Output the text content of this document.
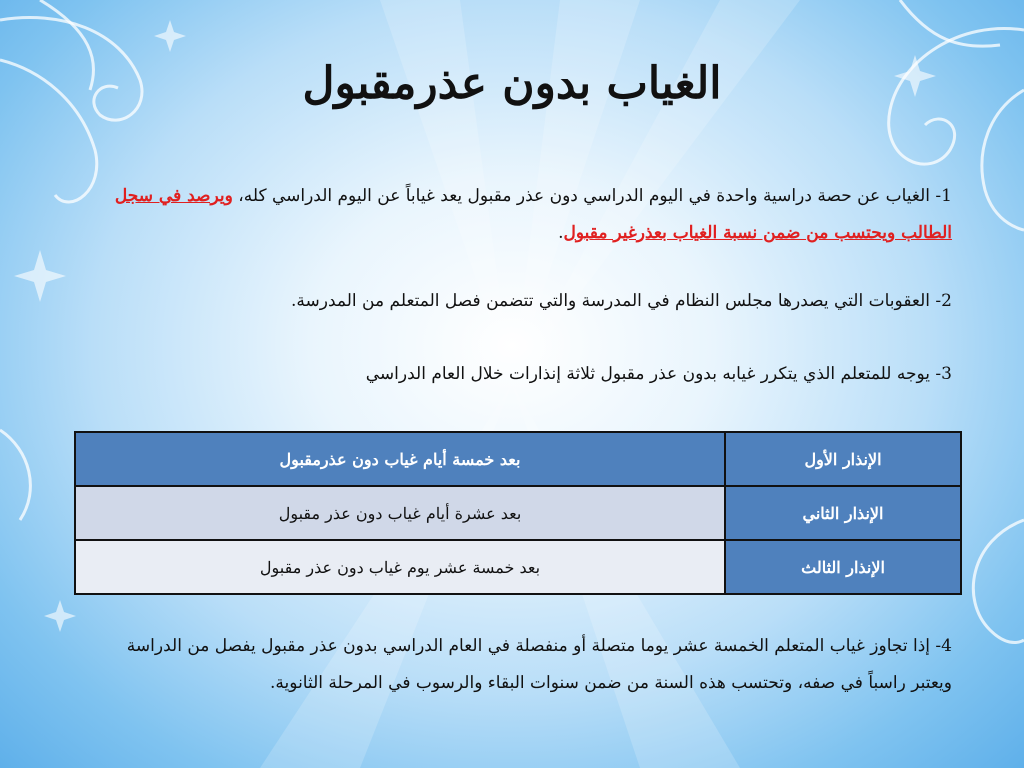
الغياب بدون عذرمقبول
1- الغياب عن حصة دراسية واحدة في اليوم الدراسي دون عذر مقبول يعد غياباً عن اليوم الدراسي كله، ويرصد في سجل الطالب ويحتسب من ضمن نسبة الغياب بعذرغير مقبول.
2- العقوبات التي يصدرها مجلس النظام في المدرسة والتي تتضمن فصل المتعلم من المدرسة.
3- يوجه للمتعلم الذي يتكرر غيابه بدون عذر مقبول ثلاثة إنذارات خلال العام الدراسي
الإنذار الأول	بعد خمسة أيام غياب دون عذرمقبول
الإنذار الثاني	بعد عشرة أيام غياب دون عذر مقبول
الإنذار الثالث	بعد خمسة عشر يوم غياب دون عذر مقبول
4- إذا تجاوز غياب المتعلم الخمسة عشر يوما متصلة أو منفصلة في العام الدراسي بدون عذر مقبول يفصل من الدراسة ويعتبر راسباً في صفه، وتحتسب هذه السنة من ضمن سنوات البقاء والرسوب في المرحلة الثانوية.
